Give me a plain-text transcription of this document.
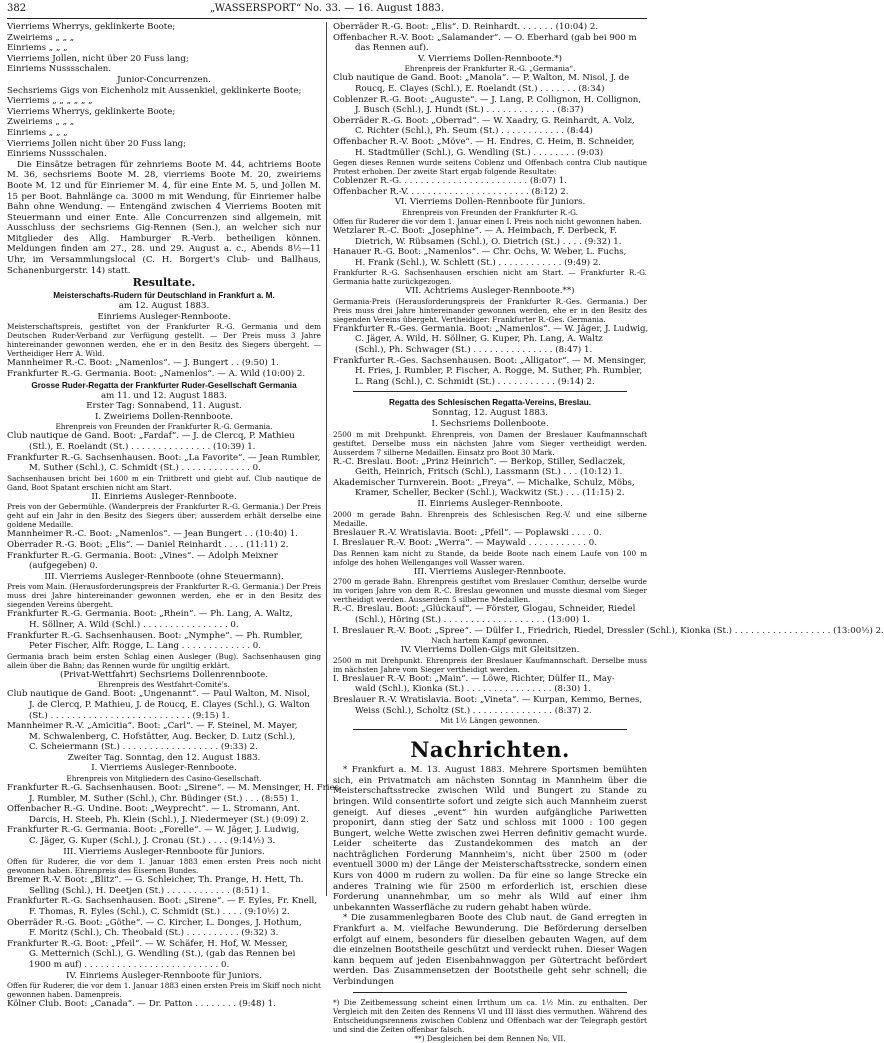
382	„WASSERSPORT“ No. 33. — 16. August 1883.

Vierriems Wherrys, geklinkerte Boote;

Zweiriems „ „ „

Einriems „ „ „

Vierriems Jollen, nicht über 20 Fuss lang;

Einriems Nusssschalen.

Junior-Concurrenzen.

Sechsriems Gigs von Eichenholz mit Aussenkiel, geklinkerte Boote;

Vierriems „ „ „ „ „ „

Vierriems Wherrys, geklinkerte Boote;

Zweiriems „ „ „

Einriems „ „ „

Vierriems Jollen nicht über 20 Fuss lang;

Einriems Nussschalen.

Die Einsätze betragen für zehnriems Boote M. 44, achtriems Boote M. 36, sechsriems Boote M. 28, vierriems Boote M. 20, zweiriems Boote M. 12 und für Einriemer M. 4, für eine Ente M. 5, und Jollen M. 15 per Boot. Bahnlänge ca. 3000 m mit Wendung, für Einriemer halbe Bahn ohne Wendung. — Entengänd zwischen 4 Vierriems Booten mit Steuermann und einer Ente. Alle Concurrenzen sind allgemein, mit Ausschluss der sechsriems Gig-Rennen (Sen.), an welcher sich nur Mitglieder des Allg. Hamburger R.-Verb. betheiligen können. Meldungen finden am 27., 28. und 29. August a. c., Abends 8½—11 Uhr, im Versammlungslocal (C. H. Borgert's Club- und Ballhaus, Schanenburgerstr. 14) statt.

Resultate.

Meisterschafts-Rudern für Deutschland in Frankfurt a. M.

am 12. August 1883.

Einriems Ausleger-Rennboote.

Meisterschaftspreis, gestiftet von der Frankfurter R.-G. Germania und dem Deutschen Ruder-Verband zur Verfügung gestellt. — Der Preis muss 3 Jahre hintereinander gewonnen werden, ehe er in den Besitz des Siegers übergeht. — Vertheidiger Herr A. Wild.

Mannheimer R.-C. Boot: „Namenlos“. — J. Bungert . . (9:50) 1.

Frankfurter R.-G. Germania. Boot: „Namenlos“. — A. Wild (10:00) 2.

Grosse Ruder-Regatta der Frankfurter Ruder-Gesellschaft Germania

am 11. und 12. August 1883.

Erster Tag: Sonnabend, 11. August.

I. Zweiriems Dollen-Rennboote.

Ehrenpreis von Freunden der Frankfurter R.-G. Germania.

Club nautique de Gand. Boot: „Fardaf“. — J. de Clercq, P. Mathieu

(Stl.), E. Roelandt (St.) . . . . . . . . . . . . . . . (10:39) 1.

Frankfurter R.-G. Sachsenhausen. Boot: „La Favorite“. — Jean Rumbler,

M. Suther (Schl.), C. Schmidt (St.) . . . . . . . . . . . . . 0.

Sachsenhausen bricht bei 1600 m ein Triitbrett und giebt auf. Club nautique de Gand, Boot Spatant erschien nicht am Start.

II. Einriems Ausleger-Rennboote.

Preis von der Gebermühle. (Wanderpreis der Frankfurter R.-G. Germania.) Der Preis geht auf ein Jahr in den Besitz des Siegers über; ausserdem erhält derselbe eine goldene Medaille.

Mannheimer R.-C. Boot: „Namenlos“. — Jean Bungert . . (10:40) 1.

Oberrader R.-G. Boot: „Elis“. — Daniel Reinhardt . . . . (11:11) 2.

Frankfurter R.-G. Germania. Boot: „Vines“. — Adolph Meixner

(aufgegeben) 0.

III. Vierriems Ausleger-Rennboote (ohne Steuermann).

Preis vom Main. (Herausforderungspreis der Frankfurter R.-G. Germania.) Der Preis muss drei Jahre hintereinander gewonnen werden, ehe er in den Besitz des siegenden Vereins übergeht.

Frankfurter R.-G. Germania. Boot: „Rhein“. — Ph. Lang, A. Waltz,

H. Söllner, A. Wild (Schl.) . . . . . . . . . . . . . . . . 0.

Frankfurter R.-G. Sachsenhausen. Boot: „Nymphe“. — Ph. Rumbler,

Peter Fischer, Alfr. Rogge, L. Lang . . . . . . . . . . . . . 0.

Germania brach beim ersten Schlag einen Ausleger (Bug). Sachsenhausen ging allein über die Bahn; das Rennen wurde für ungiltig erklärt.

(Privat-Wettfahrt) Sechsriems Dollenrennboote.

Ehrenpreis des Westfahrt-Comité's.

Club nautique de Gand. Boot: „Ungenannt“. — Paul Walton, M. Nisol,

J. de Clercq, P. Mathieu, J. de Roucq, E. Clayes (Schl.), G. Walton

(St.) . . . . . . . . . . . . . . . . . . . . . . . . . . (9:15) 1.

Mannheimer R.-V. „Amicitia“. Boot: „Carl“. — F. Steinel, M. Mayer,

M. Schwalenberg, C. Hofstätter, Aug. Becker, D. Lutz (Schl.),

C. Scheiermann (St.) . . . . . . . . . . . . . . . . . . (9:33) 2.

Zweiter Tag. Sonntag, den 12. August 1883.

I. Vierriems Ausleger-Rennboote.

Ehrenpreis von Mitgliedern des Casino-Gesellschaft.

Frankfurter R.-G. Sachsenhausen. Boot: „Sirene“. — M. Mensinger, H. Fries,

J. Rumbler, M. Suther (Schl.), Chr. Büdinger (St.) . . . (8:55) 1.

Offenbacher R.-G. Undine. Boot: „Weyprecht“. — L. Stromann, Ant.

Darcis, H. Steeb, Ph. Klein (Schl.), J. Niedermeyer (St.) (9:09) 2.

Frankfurter R.-G. Germania. Boot: „Forelle“. — W. Jäger, J. Ludwig,

C. Jäger, G. Kuper (Schl.), J. Cronau (St.) . . . . (9:14½) 3.

III. Vierriems Ausleger-Rennboote für Juniors.

Offen für Ruderer, die vor dem 1. Januar 1883 einen ersten Preis noch nicht gewonnen haben. Ehrenpreis des Eisernen Bundes.

Bremer R.-V. Boot: „Blitz“. — G. Schleicher, Th. Prange, H. Hett, Th.

Selling (Schl.), H. Deetjen (St.) . . . . . . . . . . . . (8:51) 1.

Frankfurter R.-G. Sachsenhausen. Boot: „Sirene“. — F. Eyles, Fr. Knell,

F. Thomas, R. Eyles (Schl.), C. Schmidt (St.) . . . . (9:10½) 2.

Oberräder R.-G. Boot: „Göthe“. — C. Kircher, L. Donges, J. Hothum,

F. Moritz (Schl.), Ch. Theobald (St.) . . . . . . . . . . (9:32) 3.

Frankfurter R.-G. Boot: „Pfeil“. — W. Schäfer, H. Hof, W. Messer,

G. Metternich (Schl.), G. Wendling (St.), (gab das Rennen bei

1900 m auf) . . . . . . . . . . . . . . . . . . . . . . . . . 0.

IV. Einriems Ausleger-Rennboote für Juniors.

Offen für Ruderer, die vor dem 1. Januar 1883 einen ersten Preis im Skiff noch nicht gewonnen haben. Damenpreis.

Kölner Club. Boot: „Canada“. — Dr. Patton . . . . . . . . (9:48) 1.

Oberräder R.-G. Boot: „Elis“. D. Reinhardt. . . . . . . (10:04) 2.

Offenbacher R.-V. Boot: „Salamander“. — O. Eberhard (gab bei 900 m

das Rennen auf).

V. Vierriems Dollen-Rennboote.*)

Ehrenpreis der Frankfurter R.-G. „Germania“.

Club nautique de Gand. Boot: „Manola“. — P. Walton, M. Nisol, J. de

Roucq, E. Clayes (Schl.), E. Roelandt (St.) . . . . . . . (8:34)

Coblenzer R.-G. Boot: „Auguste“. — J. Lang, P. Collignon, H. Collignon,

J. Busch (Schl.), J. Hundt (St.) . . . . . . . . . . . . . (8:37)

Oberräder R.-G. Boot: „Oberrad“. — W. Xaadry, G. Reinhardt, A. Volz,

C. Richter (Schl.), Ph. Seum (St.) . . . . . . . . . . . . (8:44)

Offenbacher R.-V. Boot: „Möve“. — H. Endres, C. Heim, B. Schneider,

H. Stadtmüller (Schl.), G. Wendling (St.) . . . . . . . . (9:03)

Gegen dieses Rennen wurde seitens Coblenz und Offenbach contra Club nautique Protest erhoben. Der zweite Start ergab folgende Resultate:

Coblenzer R.-G. . . . . . . . . . . . . . . . . . . . . . . . (8:07) 1.

Offenbacher R.-V. . . . . . . . . . . . . . . . . . . . . . . (8:12) 2.

VI. Vierriems Dollen-Rennboote für Juniors.

Ehrenpreis von Freunden der Frankfurter R.-G.

Offen für Ruderer die vor dem 1. Januar einen I. Preis noch nicht gewonnen haben.

Wetzlarer R.-C. Boot: „Josephine“. — A. Heimbach, F. Derbeck, F.

Dietrich, W. Rübsamen (Schl.), O. Dietrich (St.) . . . . (9:32) 1.

Hanauer R.-G. Boot: „Namenlos“. — Chr. Ochs, W. Weber, L. Fuchs,

H. Frank (Schl.), W. Schlett (St.) . . . . . . . . . . . . (9:49) 2.

Frankfurter R.-G. Sachsenhausen erschien nicht am Start. — Frankfurter R.-G. Germania hatte zurückgezogen.

VII. Achtriems Ausleger-Rennboote.**)

Germania-Preis (Herausforderungspreis der Frankfurter R.-Ges. Germania.) Der Preis muss drei Jahre hintereinander gewonnen werden, ehe er in den Besitz des siegenden Vereins übergeht. Vertheidiger: Frankfurter R.-Ges. Germania.

Frankfurter R.-Ges. Germania. Boot: „Namenlos“. — W. Jäger, J. Ludwig,

C. Jäger, A. Wild, H. Söllner, G. Kuper, Ph. Lang, A. Waltz

(Schl.), Ph. Schwager (St.) . . . . . . . . . . . . . . . (8:47) 1.

Frankfurter R.-Ges. Sachsenhausen. Boot: „Alligator“. — M. Mensinger,

H. Fries, J. Rumbler, P. Fischer, A. Rogge, M. Suther, Ph. Rumbler,

L. Rang (Schl.), C. Schmidt (St.) . . . . . . . . . . . (9:14) 2.

Regatta des Schlesischen Regatta-Vereins, Breslau.

Sonntag, 12. August 1883.

I. Sechsriems Dollenboote.

2500 m mit Drehpunkt. Ehrenpreis, von Damen der Breslauer Kaufmannschaft gestiftet. Derselbe muss ein nächsten Jahre vom Sieger vertheidigt werden. Ausserdem 7 silberne Medaillen. Einsatz pro Boot 30 Mark.

R.-C. Breslau. Boot: „Prinz Heinrich“. — Berkop, Stiller, Sedlaczek,

Geith, Heinrich, Fritsch (Schl.), Lassmann (St.) . . . (10:12) 1.

Akademischer Turnverein. Boot: „Freya“. — Michalke, Schulz, Möbs,

Kramer, Scheller, Becker (Schl.), Wackwitz (St.) . . . (11:15) 2.

II. Einriems Ausleger-Rennboote.

2000 m gerade Bahn. Ehrenpreis des Schlesischen Reg.-V. und eine silberne Medaille.

Breslauer R.-V. Wratislavia. Boot: „Pfeil“. — Poplawski . . . . 0.

I. Breslauer R.-V. Boot: „Werra“. — Maywald . . . . . . . . . . . 0.

Das Rennen kam nicht zu Stande, da beide Boote nach einem Laufe von 100 m infolge des hohen Wellenganges voll Wasser waren.

III. Vierriems Ausleger-Rennboote.

2700 m gerade Bahn. Ehrenpreis gestiftet vom Breslauer Comthur, derselbe wurde im vorigen Jahre von dem R.-C. Breslau gewonnen und musste diesmal vom Sieger vertheidigt werden. Ausserdem 5 silberne Medaillen.

R.-C. Breslau. Boot: „Glückauf“. — Förster, Glogau, Schneider, Riedel

(Schl.), Höring (St.) . . . . . . . . . . . . . . . . . . . (13:00) 1.

I. Breslauer R.-V. Boot: „Spree“. — Dülfer I., Friedrich, Riedel, Dressler (Schl.), Kionka (St.) . . . . . . . . . . . . . . . . . . (13:00½) 2.

Nach hartem Kampf gewonnen.

IV. Vierriems Dollen-Gigs mit Gleitsitzen.

2500 m mit Drehpunkt. Ehrenpreis der Breslauer Kaufmannschaft. Derselbe muss im nächsten Jahre vom Sieger vertheidigt werden.

I. Breslauer R.-V. Boot: „Main“. — Löwe, Richter, Dülfer II., May-

wald (Schl.), Kionka (St.) . . . . . . . . . . . . . . . . (8:30) 1.

Breslauer R.-V. Wratislavia. Boot: „Vineta“. — Kurpan, Kemmo, Bernes,

Weiss (Schl.), Scholtz (St.) . . . . . . . . . . . . . . . (8:37) 2.

Mit 1½ Längen gewonnen.

Nachrichten.

* Frankfurt a. M. 13. August 1883. Mehrere Sportsmen bemühten sich, ein Privatmatch am nächsten Sonntag in Mannheim über die Meisterschaftsstrecke zwischen Wild und Bungert zu Stande zu bringen. Wild consentirte sofort und zeigte sich auch Mannheim zuerst geneigt. Auf dieses „event“ hin wurden aufgängliche Pariwetten proponirt, dann stieg der Satz und schloss mit 1000 : 100 gegen Bungert, welche Wette zwischen zwei Herren definitiv gemacht wurde. Leider scheiterte das Zustandekommen des match an der nachträglichen Forderung Mannheim's, nicht über 2500 m (oder eventuell 3000 m) der Länge der Meisterschaftsstrecke, sondern einen Kurs von 4000 m rudern zu wollen. Da für eine so lange Strecke ein anderes Training wie für 2500 m erforderlich ist, erschien diese Forderung unannehmbar, um so mehr als Wild auf einer ihm unbekannten Wasserfläche zu rudern gehabt haben würde.

* Die zusammenlegbaren Boote des Club naut. de Gand erregten in Frankfurt a. M. vielfache Bewunderung. Die Beförderung derselben erfolgt auf einem, besonders für dieselben gebauten Wagen, auf dem die einzelnen Bootstheile geschützt und verdeckt ruhen. Dieser Wagen kann bequem auf jeden Eisenbahnwaggon per Gütertracht befördert werden. Das Zusammensetzen der Bootstheile geht sehr schnell; die Verbindungen

*) Die Zeitbemessung scheint einen Irrthum um ca. 1½ Min. zu enthalten. Der Vergleich mit den Zeiten des Rennens VI und III lässt dies vermuthen. Während des Entscheidungsrennens zwischen Coblenz und Offenbach war der Telegraph gestört und sind die Zeiten offenbar falsch.

**) Desgleichen bei dem Rennen No. VII.
